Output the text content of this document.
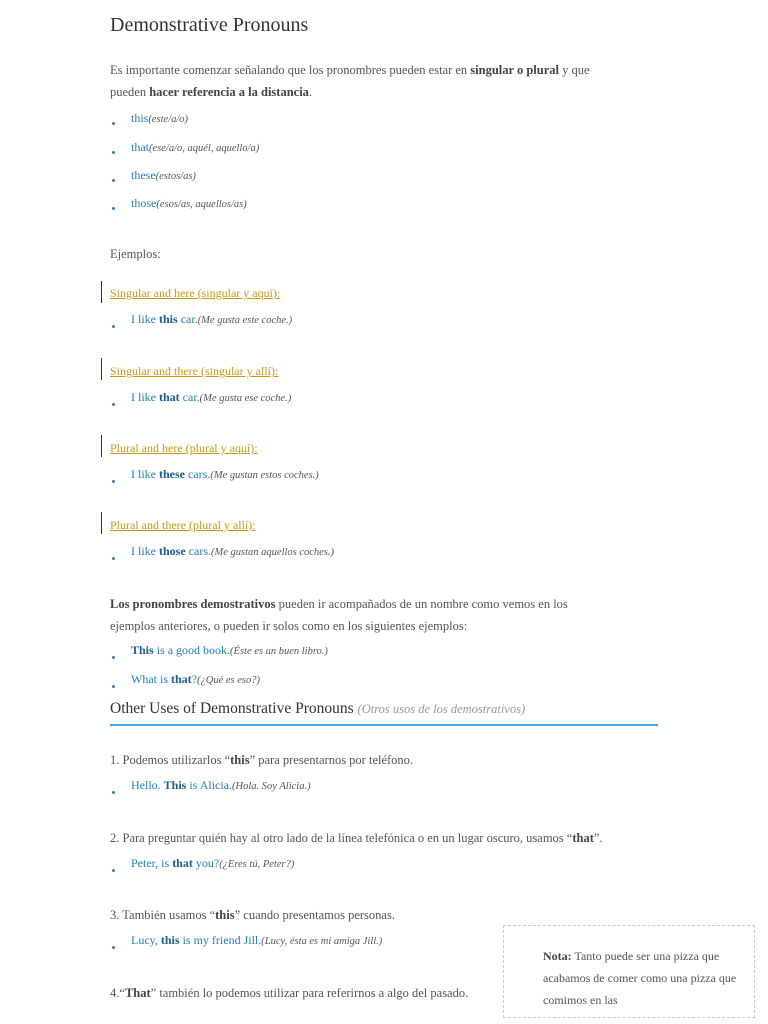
Demonstrative Pronouns
Es importante comenzar señalando que los pronombres pueden estar en singular o plural y que
pueden hacer referencia a la distancia.
this(este/a/o)
that(ese/a/o, aquél, aquello/a)
these(estos/as)
those(esos/as, aquellos/as)
Ejemplos:
Singular and here (singular y aquí):
I like this car.(Me gusta este coche.)
Singular and there (singular y allí):
I like that car.(Me gusta ese coche.)
Plural and here (plural y aquí):
I like these cars.(Me gustan estos coches.)
Plural and there (plural y allí):
I like those cars.(Me gustan aquellos coches.)
Los pronombres demostrativos pueden ir acompañados de un nombre como vemos en los
ejemplos anteriores, o pueden ir solos como en los siguientes ejemplos:
This is a good book.(Éste es un buen libro.)
What is that?(¿Qué es eso?)
Other Uses of Demonstrative Pronouns (Otros usos de los demostrativos)
1. Podemos utilizarlos “this” para presentarnos por teléfono.
Hello. This is Alicia.(Hola. Soy Alicia.)
2. Para preguntar quién hay al otro lado de la línea telefónica o en un lugar oscuro, usamos “that”.
Peter, is that you?(¿Eres tú, Peter?)
3. También usamos “this” cuando presentamos personas.
Lucy, this is my friend Jill.(Lucy, ésta es mi amiga Jill.)
4.“That” también lo podemos utilizar para referirnos a algo del pasado.
Nota: Tanto puede ser una pizza que acabamos de comer como una pizza que comimos en las
